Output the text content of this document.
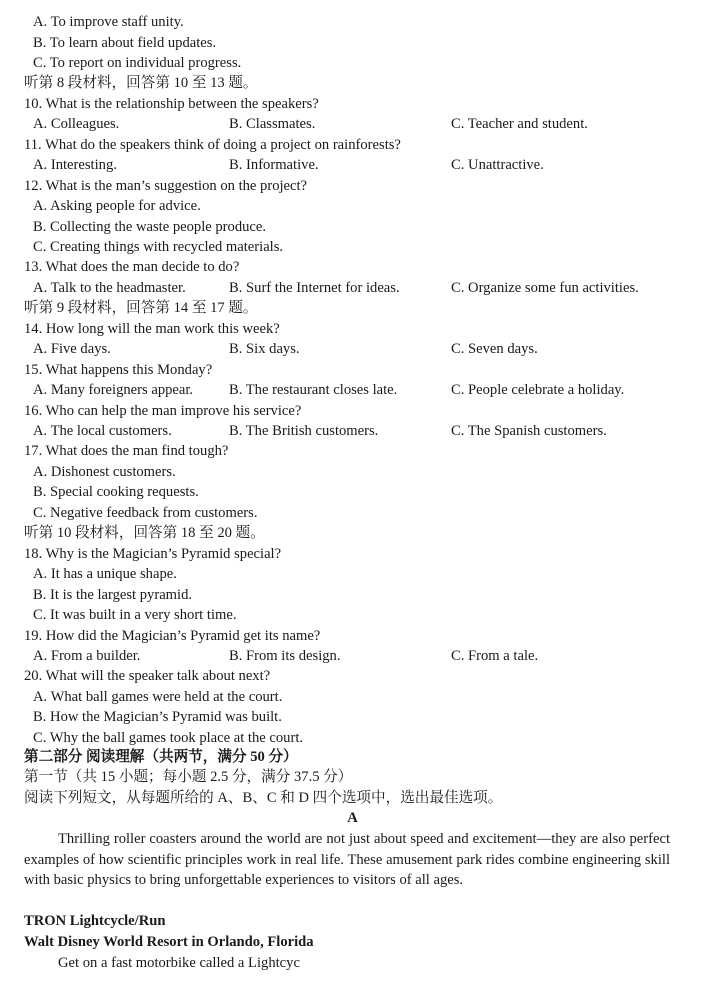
A. To improve staff unity.
B. To learn about field updates.
C. To report on individual progress.
听第 8 段材料，回答第 10 至 13 题。
10. What is the relationship between the speakers?
A. Colleagues.	B. Classmates.	C. Teacher and student.
11. What do the speakers think of doing a project on rainforests?
A. Interesting.	B. Informative.	C. Unattractive.
12. What is the man’s suggestion on the project?
A. Asking people for advice.
B. Collecting the waste people produce.
C. Creating things with recycled materials.
13. What does the man decide to do?
A. Talk to the headmaster.	B. Surf the Internet for ideas.	C. Organize some fun activities.
听第 9 段材料，回答第 14 至 17 题。
14. How long will the man work this week?
A. Five days.	B. Six days.	C. Seven days.
15. What happens this Monday?
A. Many foreigners appear. B. The restaurant closes late.	C. People celebrate a holiday.
16. Who can help the man improve his service?
A. The local customers.	B. The British customers.	C. The Spanish customers.
17. What does the man find tough?
A. Dishonest customers.
B. Special cooking requests.
C. Negative feedback from customers.
听第 10 段材料，回答第 18 至 20 题。
18. Why is the Magician’s Pyramid special?
A. It has a unique shape.
B. It is the largest pyramid.
C. It was built in a very short time.
19. How did the Magician’s Pyramid get its name?
A. From a builder.	B. From its design.	C. From a tale.
20. What will the speaker talk about next?
A. What ball games were held at the court.
B. How the Magician’s Pyramid was built.
C. Why the ball games took place at the court.
第二部分 阅读理解（共两节，满分 50 分）
第一节（共 15 小题；每小题 2.5 分，满分 37.5 分）
阅读下列短文，从每题所给的 A、B、C 和 D 四个选项中，选出最佳选项。
A
Thrilling roller coasters around the world are not just about speed and excitement—they are also perfect examples of how scientific principles work in real life. These amusement park rides combine engineering skill with basic physics to bring unforgettable experiences to visitors of all ages.
TRON Lightcycle/Run
Walt Disney World Resort in Orlando, Florida
Get on a fast motorbike called a Lightcyc
